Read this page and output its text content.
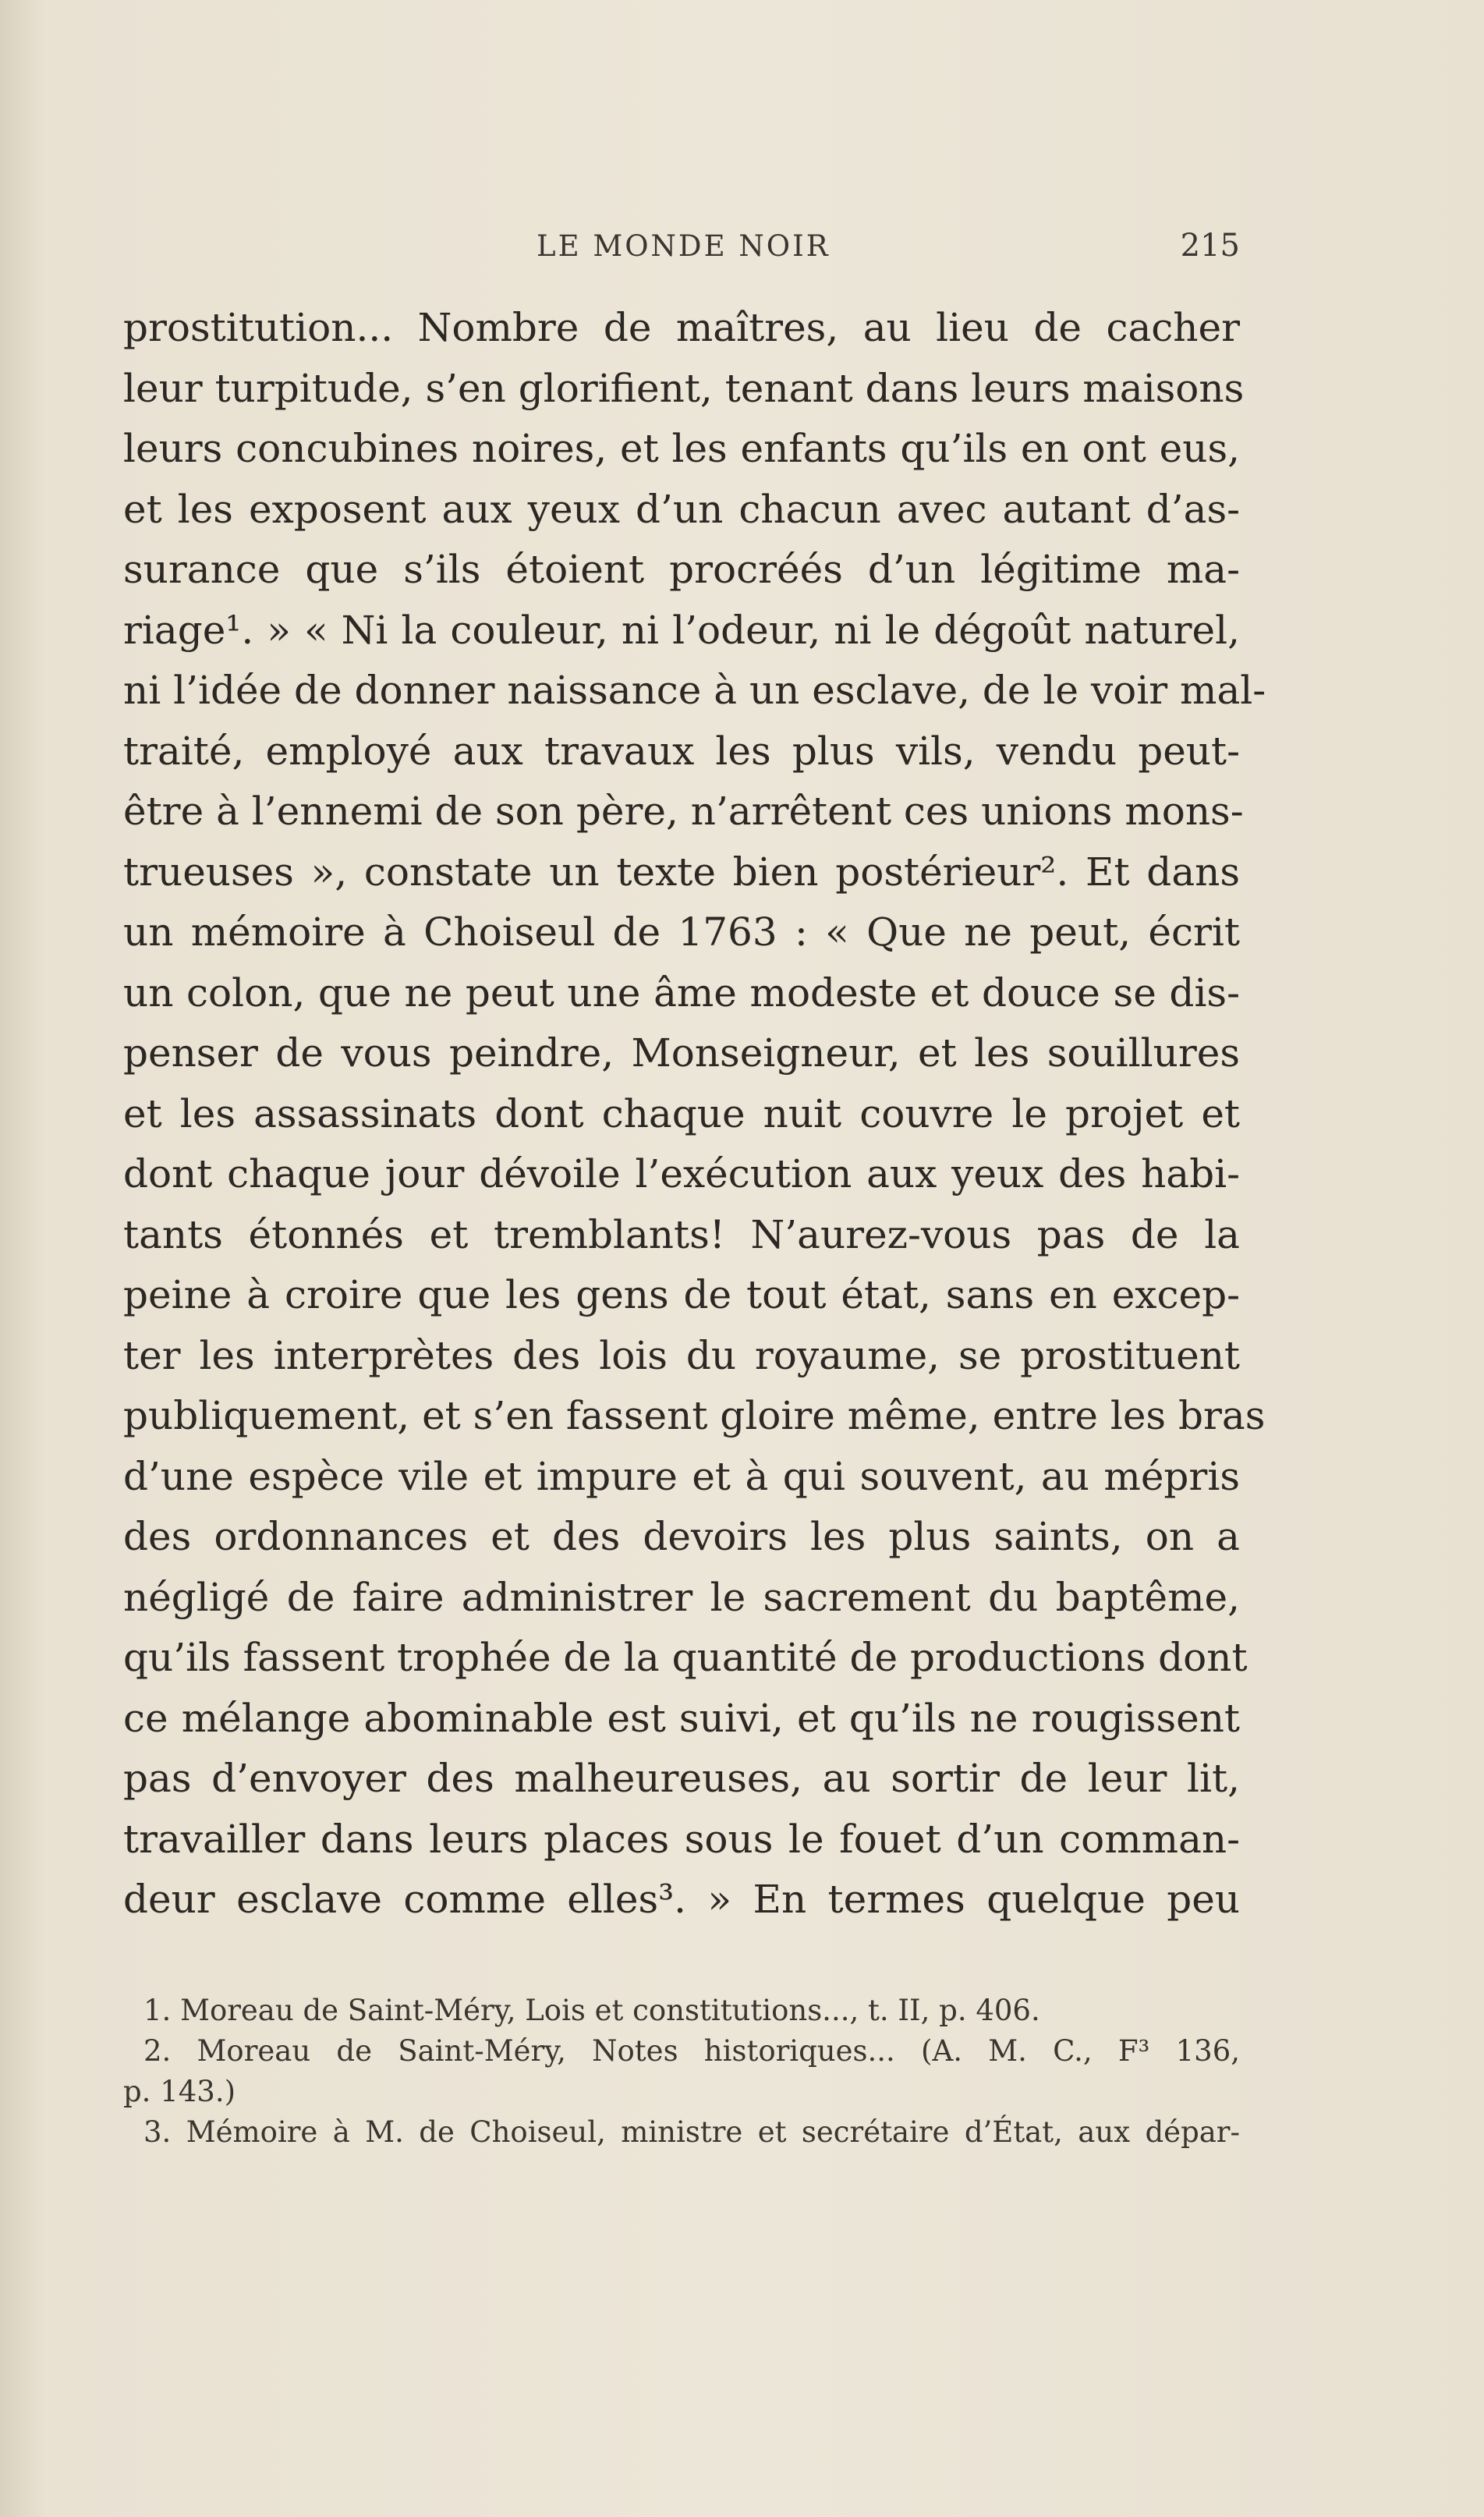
LE MONDE NOIR	215
prostitution... Nombre de maîtres, au lieu de cacher
leur turpitude, s’en glorifient, tenant dans leurs maisons
leurs concubines noires, et les enfants qu’ils en ont eus,
et les exposent aux yeux d’un chacun avec autant d’as-
surance que s’ils étoient procréés d’un légitime ma-
riage¹. » « Ni la couleur, ni l’odeur, ni le dégoût naturel,
ni l’idée de donner naissance à un esclave, de le voir mal-
traité, employé aux travaux les plus vils, vendu peut-
être à l’ennemi de son père, n’arrêtent ces unions mons-
trueuses », constate un texte bien postérieur². Et dans
un mémoire à Choiseul de 1763 : « Que ne peut, écrit
un colon, que ne peut une âme modeste et douce se dis-
penser de vous peindre, Monseigneur, et les souillures
et les assassinats dont chaque nuit couvre le projet et
dont chaque jour dévoile l’exécution aux yeux des habi-
tants étonnés et tremblants! N’aurez-vous pas de la
peine à croire que les gens de tout état, sans en excep-
ter les interprètes des lois du royaume, se prostituent
publiquement, et s’en fassent gloire même, entre les bras
d’une espèce vile et impure et à qui souvent, au mépris
des ordonnances et des devoirs les plus saints, on a
négligé de faire administrer le sacrement du baptême,
qu’ils fassent trophée de la quantité de productions dont
ce mélange abominable est suivi, et qu’ils ne rougissent
pas d’envoyer des malheureuses, au sortir de leur lit,
travailler dans leurs places sous le fouet d’un comman-
deur esclave comme elles³. » En termes quelque peu
1. Moreau de Saint-Méry, Lois et constitutions..., t. II, p. 406.
2. Moreau de Saint-Méry, Notes historiques... (A. M. C., F³ 136,
p. 143.)
3. Mémoire à M. de Choiseul, ministre et secrétaire d’État, aux dépar-
